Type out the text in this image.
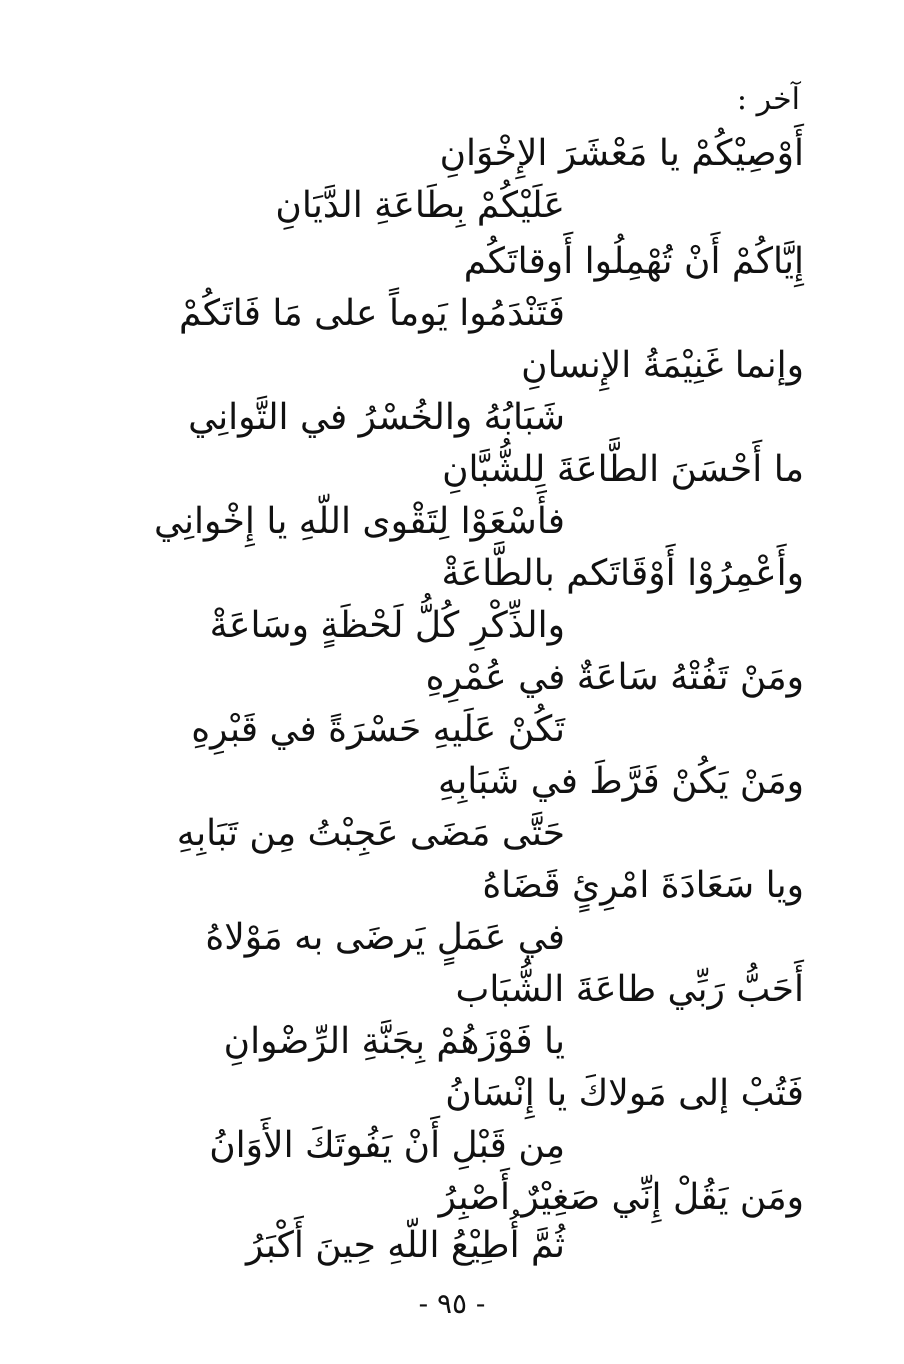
آخر :
أَوْصِيْكُمْ يا مَعْشَرَ الإِخْوَانِ
عَلَيْكُمْ بِطَاعَةِ الدَّيَانِ
إِيَّاكُمْ أَنْ تُهْمِلُوا أَوقاتَكُم
فَتَنْدَمُوا يَوماً على مَا فَاتَكُمْ
وإنما غَنِيْمَةُ الإِنسانِ
شَبَابُهُ والخُسْرُ في التَّوانِي
ما أَحْسَنَ الطَّاعَةَ لِلشُّبَّانِ
فأَسْعَوْا لِتَقْوى اللّهِ يا إِخْوانِي
وأَعْمِرُوْا أَوْقَاتَكم بالطَّاعَةْ
والذِّكْرِ كُلُّ لَحْظَةٍ وسَاعَةْ
ومَنْ تَفُتْهُ سَاعَةٌ في عُمْرِهِ
تَكُنْ عَلَيهِ حَسْرَةً في قَبْرِهِ
ومَنْ يَكُنْ فَرَّطَ في شَبَابِهِ
حَتَّى مَضَى عَجِبْتُ مِن تَبَابِهِ
ويا سَعَادَةَ امْرِئٍ قَضَاهُ
في عَمَلٍ يَرضَى به مَوْلاهُ
أَحَبُّ رَبِّي طاعَةَ الشُّبَاب
يا فَوْزَهُمْ بِجَنَّةِ الرِّضْوانِ
فَتُبْ إلى مَولاكَ يا إِنْسَانُ
مِن قَبْلِ أَنْ يَفُوتَكَ الأَوَانُ
ومَن يَقُلْ إِنِّي صَغِيْرٌ أَصْبِرُ
ثُمَّ أُطِيْعُ اللّهِ حِينَ أَكْبَرُ
- ٩٥ -
